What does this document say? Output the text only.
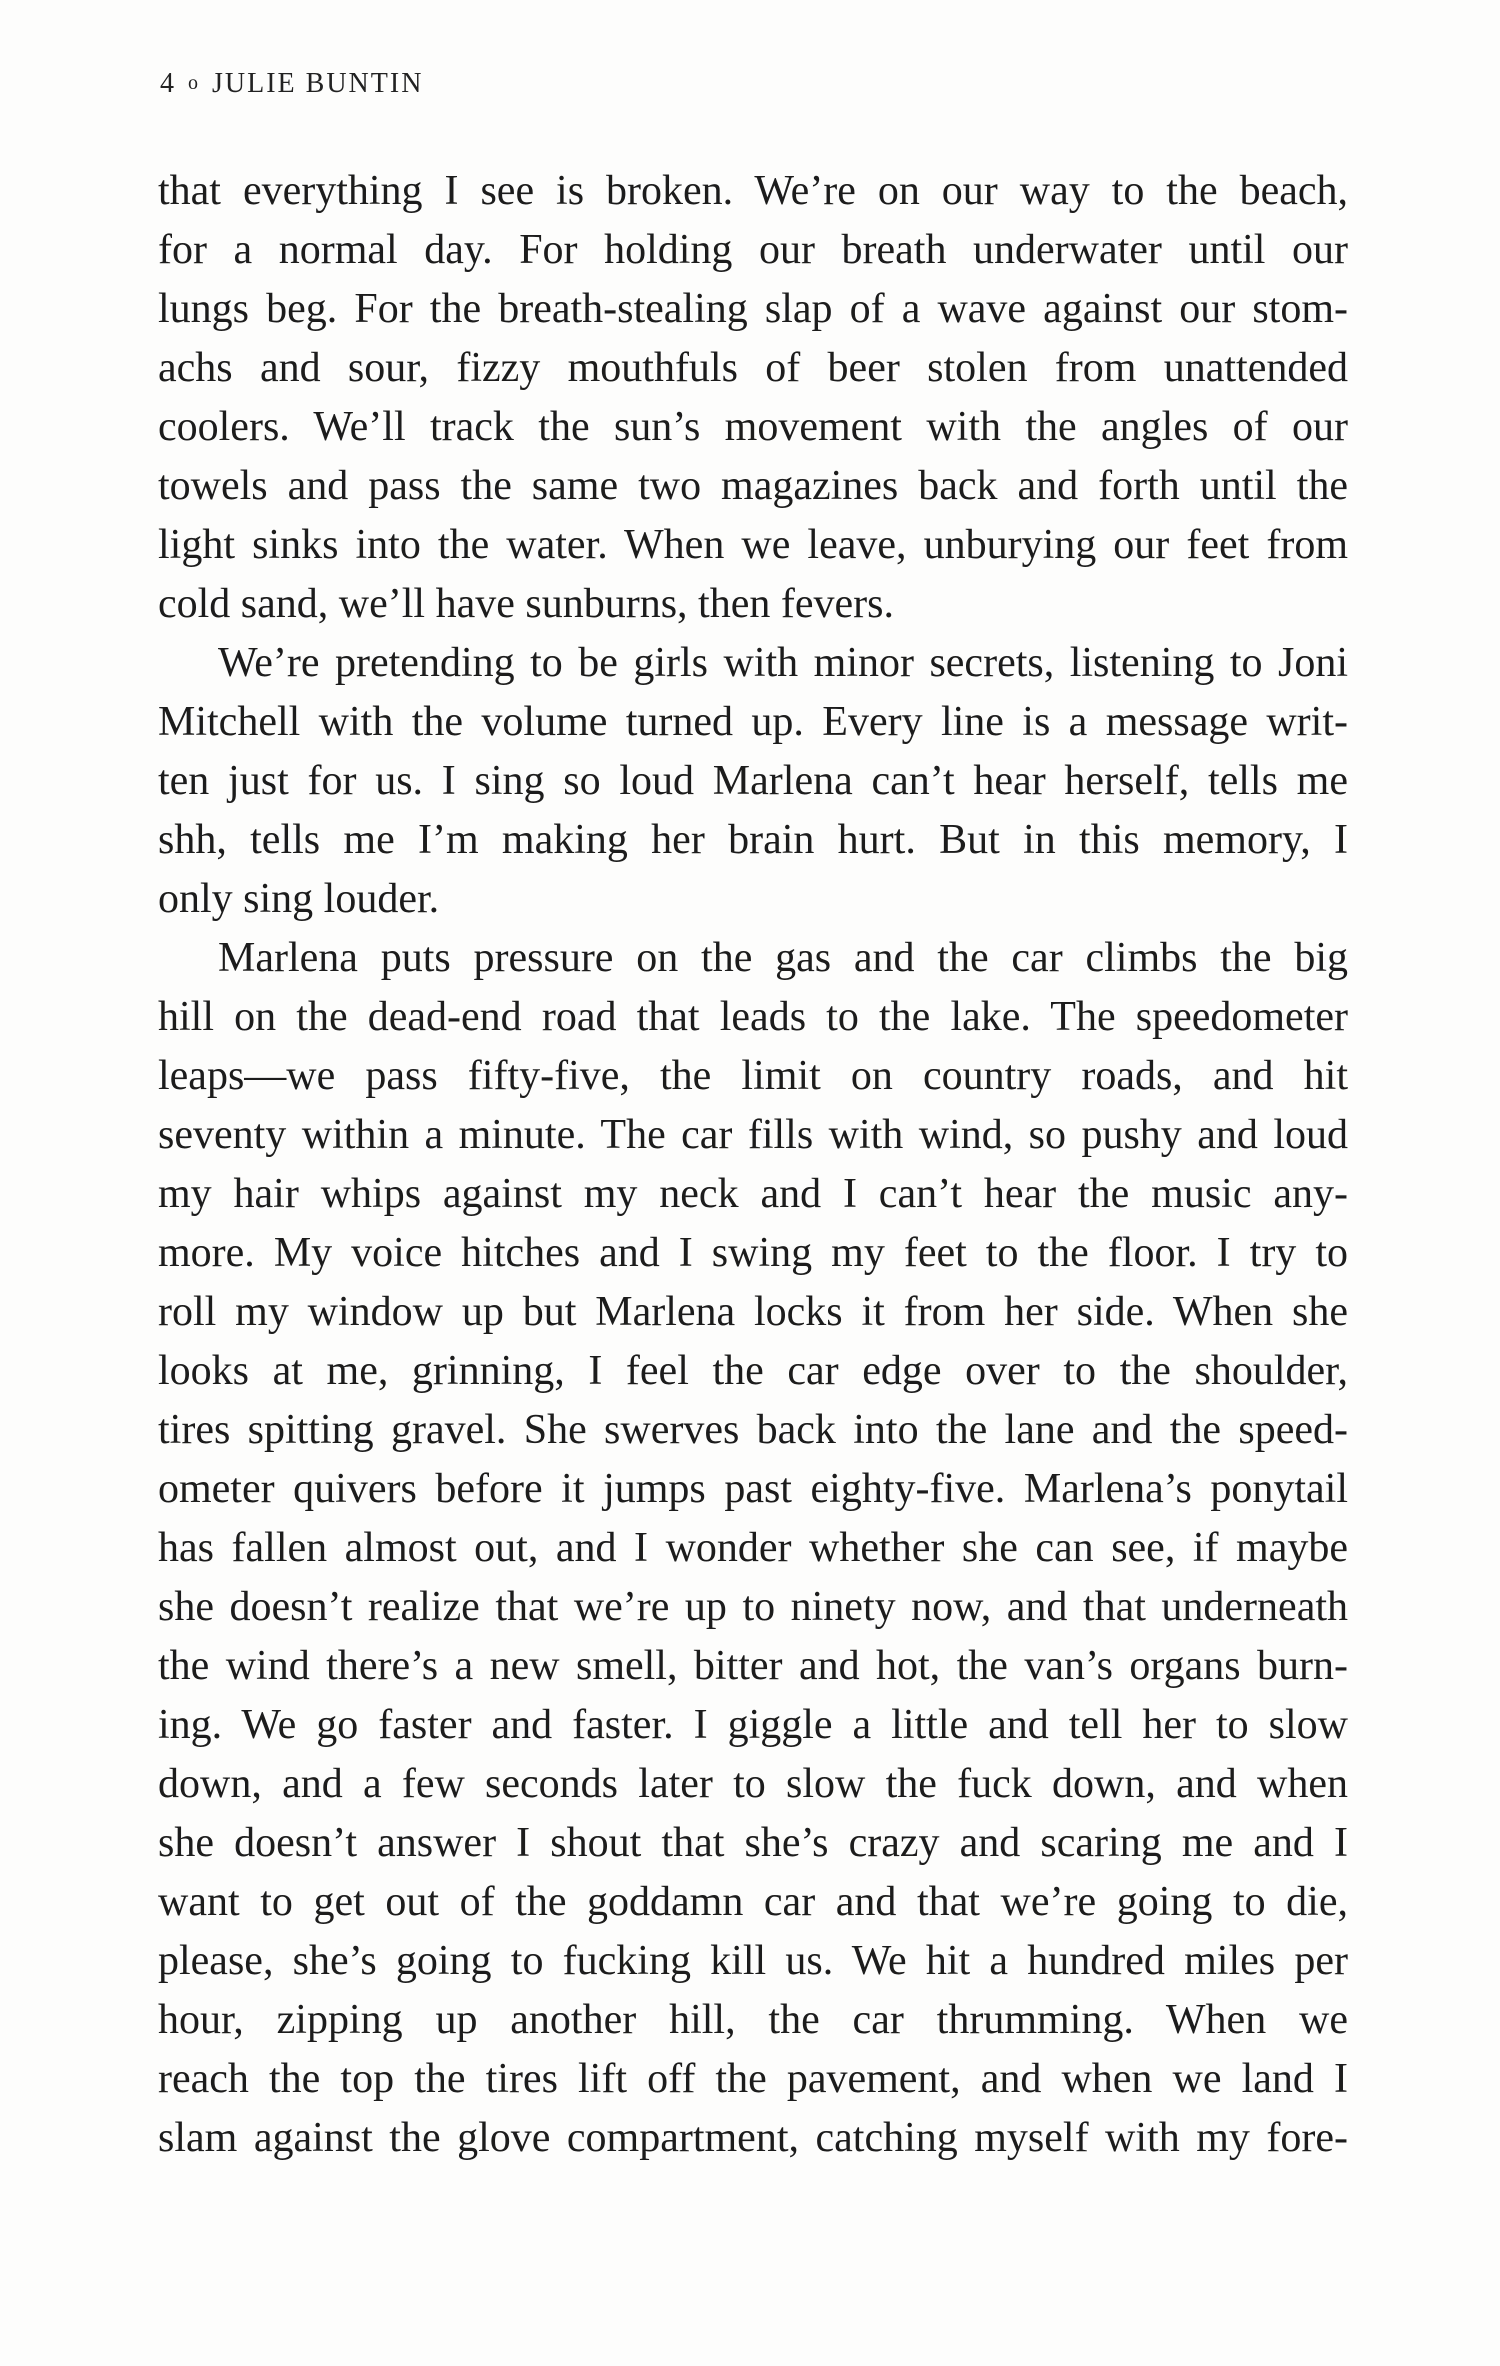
4 o JULIE BUNTIN
that everything I see is broken. We’re on our way to the beach,
for a normal day. For holding our breath underwater until our
lungs beg. For the breath-stealing slap of a wave against our stom-
achs and sour, fizzy mouthfuls of beer stolen from unattended
coolers. We’ll track the sun’s movement with the angles of our
towels and pass the same two magazines back and forth until the
light sinks into the water. When we leave, unburying our feet from
cold sand, we’ll have sunburns, then fevers.
We’re pretending to be girls with minor secrets, listening to Joni
Mitchell with the volume turned up. Every line is a message writ-
ten just for us. I sing so loud Marlena can’t hear herself, tells me
shh, tells me I’m making her brain hurt. But in this memory, I
only sing louder.
Marlena puts pressure on the gas and the car climbs the big
hill on the dead-end road that leads to the lake. The speedometer
leaps—we pass fifty-five, the limit on country roads, and hit
seventy within a minute. The car fills with wind, so pushy and loud
my hair whips against my neck and I can’t hear the music any-
more. My voice hitches and I swing my feet to the floor. I try to
roll my window up but Marlena locks it from her side. When she
looks at me, grinning, I feel the car edge over to the shoulder,
tires spitting gravel. She swerves back into the lane and the speed-
ometer quivers before it jumps past eighty-five. Marlena’s ponytail
has fallen almost out, and I wonder whether she can see, if maybe
she doesn’t realize that we’re up to ninety now, and that underneath
the wind there’s a new smell, bitter and hot, the van’s organs burn-
ing. We go faster and faster. I giggle a little and tell her to slow
down, and a few seconds later to slow the fuck down, and when
she doesn’t answer I shout that she’s crazy and scaring me and I
want to get out of the goddamn car and that we’re going to die,
please, she’s going to fucking kill us. We hit a hundred miles per
hour, zipping up another hill, the car thrumming. When we
reach the top the tires lift off the pavement, and when we land I
slam against the glove compartment, catching myself with my fore-
